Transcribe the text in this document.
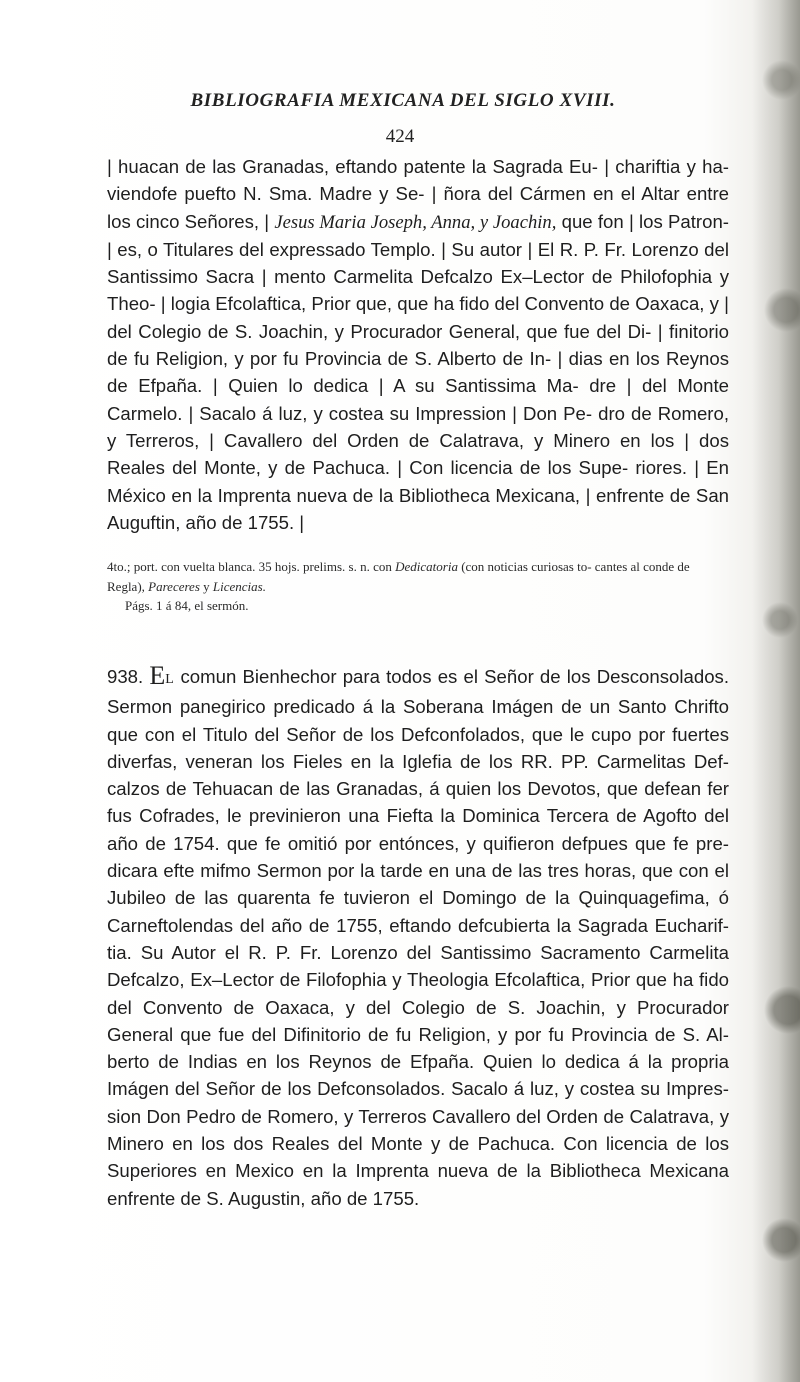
BIBLIOGRAFIA MEXICANA DEL SIGLO XVIII.
424

| huacan de las Granadas, eftando patente la Sagrada Eu- | chariftia y ha- viendofe puefto N. Sma. Madre y Se- | ñora del Cármen en el Altar entre los cinco Señores, | Jesus Maria Joseph, Anna, y Joachin, que fon | los Patron- | es, o Titulares del expressado Templo. | Su autor | El R. P. Fr. Lorenzo del Santissimo Sacra | mento Carmelita Defcalzo Ex–Lector de Philofophia y Theo- | logia Efcolaftica, Prior que, que ha fido del Convento de Oaxaca, y | del Colegio de S. Joachin, y Procurador General, que fue del Di- | finitorio de fu Religion, y por fu Provincia de S. Alberto de In- | dias en los Reynos de Efpaña. | Quien lo dedica | A su Santissima Ma- dre | del Monte Carmelo. | Sacalo á luz, y costea su Impression | Don Pe- dro de Romero, y Terreros, | Cavallero del Orden de Calatrava, y Minero en los | dos Reales del Monte, y de Pachuca. | Con licencia de los Supe- riores. | En México en la Imprenta nueva de la Bibliotheca Mexicana, | enfrente de San Auguftin, año de 1755. |

4to.; port. con vuelta blanca. 35 hojs. prelims. s. n. con Dedicatoria (con noticias curiosas to- cantes al conde de Regla), Pareceres y Licencias.

Págs. 1 á 84, el sermón.

938. EL comun Bienhechor para todos es el Señor de los Desconsolados. Sermon panegirico predicado á la Soberana Imágen de un Santo Chrifto que con el Titulo del Señor de los Defconfolados, que le cupo por fuertes diverfas, veneran los Fieles en la Iglefia de los RR. PP. Carmelitas Def- calzos de Tehuacan de las Granadas, á quien los Devotos, que defean fer fus Cofrades, le previnieron una Fiefta la Dominica Tercera de Agofto del año de 1754. que fe omitió por entónces, y quifieron defpues que fe pre- dicara efte mifmo Sermon por la tarde en una de las tres horas, que con el Jubileo de las quarenta fe tuvieron el Domingo de la Quinquagefima, ó Carneftolendas del año de 1755, eftando defcubierta la Sagrada Eucharif- tia. Su Autor el R. P. Fr. Lorenzo del Santissimo Sacramento Carmelita Defcalzo, Ex–Lector de Filofophia y Theologia Efcolaftica, Prior que ha fido del Convento de Oaxaca, y del Colegio de S. Joachin, y Procurador General que fue del Difinitorio de fu Religion, y por fu Provincia de S. Al- berto de Indias en los Reynos de Efpaña. Quien lo dedica á la propria Imágen del Señor de los Defconsolados. Sacalo á luz, y costea su Impres- sion Don Pedro de Romero, y Terreros Cavallero del Orden de Calatrava, y Minero en los dos Reales del Monte y de Pachuca. Con licencia de los Superiores en Mexico en la Imprenta nueva de la Bibliotheca Mexicana enfrente de S. Augustin, año de 1755.
